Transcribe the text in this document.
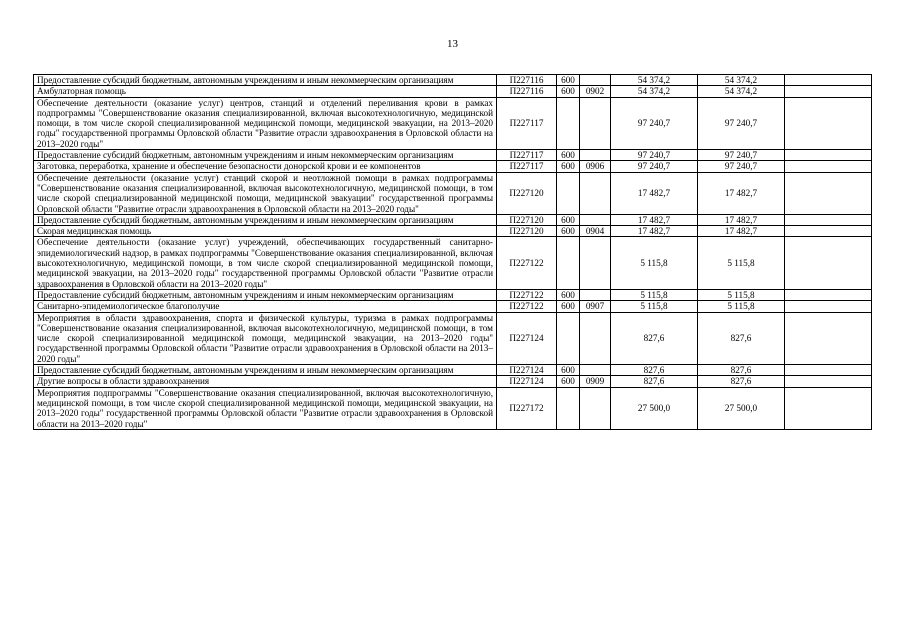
13
Предоставление субсидий бюджетным, автономным учреждениям и иным некоммерческим организациям	П227116	600		54 374,2	54 374,2	
Амбулаторная помощь	П227116	600	0902	54 374,2	54 374,2	
Обеспечение деятельности (оказание услуг) центров, станций и отделений переливания крови в рамках подпрограммы "Совершенствование оказания специализированной, включая высокотехнологичную, медицинской помощи, в том числе скорой специализированной медицинской помощи, медицинской эвакуации, на 2013–2020 годы" государственной программы Орловской области "Развитие отрасли здравоохранения в Орловской области на 2013–2020 годы"	П227117			97 240,7	97 240,7	
Предоставление субсидий бюджетным, автономным учреждениям и иным некоммерческим организациям	П227117	600		97 240,7	97 240,7	
Заготовка, переработка, хранение и обеспечение безопасности донорской крови и ее компонентов	П227117	600	0906	97 240,7	97 240,7	
Обеспечение деятельности (оказание услуг) станций скорой и неотложной помощи в рамках подпрограммы "Совершенствование оказания специализированной, включая высокотехнологичную, медицинской помощи, в том числе скорой специализированной медицинской помощи, медицинской эвакуации" государственной программы Орловской области "Развитие отрасли здравоохранения в Орловской области на 2013–2020 годы"	П227120			17 482,7	17 482,7	
Предоставление субсидий бюджетным, автономным учреждениям и иным некоммерческим организациям	П227120	600		17 482,7	17 482,7	
Скорая медицинская помощь	П227120	600	0904	17 482,7	17 482,7	
Обеспечение деятельности (оказание услуг) учреждений, обеспечивающих государственный санитарно-эпидемиологический надзор, в рамках подпрограммы "Совершенствование оказания специализированной, включая высокотехнологичную, медицинской помощи, в том числе скорой специализированной медицинской помощи, медицинской эвакуации, на 2013–2020 годы" государственной программы Орловской области "Развитие отрасли здравоохранения в Орловской области на 2013–2020 годы"	П227122			5 115,8	5 115,8	
Предоставление субсидий бюджетным, автономным учреждениям и иным некоммерческим организациям	П227122	600		5 115,8	5 115,8	
Санитарно-эпидемиологическое благополучие	П227122	600	0907	5 115,8	5 115,8	
Мероприятия в области здравоохранения, спорта и физической культуры, туризма в рамках подпрограммы "Совершенствование оказания специализированной, включая высокотехнологичную, медицинской помощи, в том числе скорой специализированной медицинской помощи, медицинской эвакуации, на 2013–2020 годы" государственной программы Орловской области "Развитие отрасли здравоохранения в Орловской области на 2013–2020 годы"	П227124			827,6	827,6	
Предоставление субсидий бюджетным, автономным учреждениям и иным некоммерческим организациям	П227124	600		827,6	827,6	
Другие вопросы в области здравоохранения	П227124	600	0909	827,6	827,6	
Мероприятия подпрограммы "Совершенствование оказания специализированной, включая высокотехнологичную, медицинской помощи, в том числе скорой специализированной медицинской помощи, медицинской эвакуации, на 2013–2020 годы" государственной программы Орловской области "Развитие отрасли здравоохранения в Орловской области на 2013–2020 годы"	П227172			27 500,0	27 500,0	
